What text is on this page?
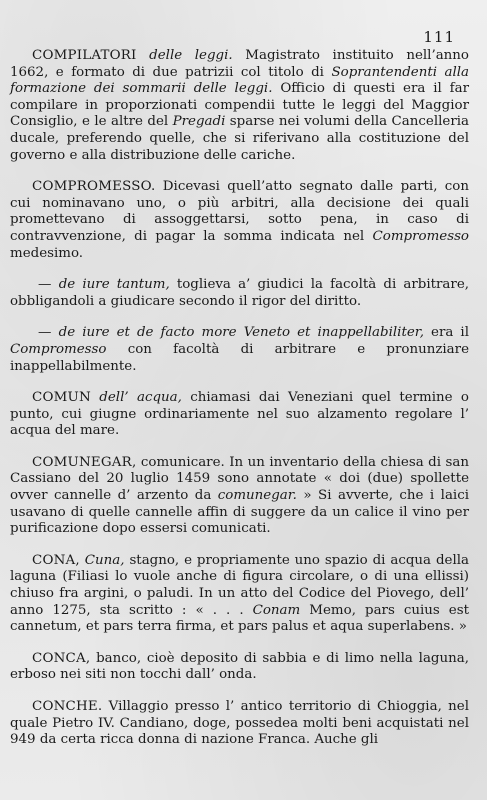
111

COMPILATORI delle leggi. Magistrato instituito nell’anno 1662, e formato di due patrizii col titolo di Soprantendenti alla formazione dei sommarii delle leggi. Officio di questi era il far compilare in proporzionati compendii tutte le leggi del Maggior Consiglio, e le altre del Pregadi sparse nei volumi della Cancelleria ducale, preferendo quelle, che si riferivano alla costituzione del governo e alla distribuzione delle cariche.

COMPROMESSO. Dicevasi quell’atto segnato dalle parti, con cui nominavano uno, o più arbitri, alla decisione dei quali promettevano di assoggettarsi, sotto pena, in caso di contravvenzione, di pagar la somma indicata nel Compromesso medesimo.

— de iure tantum, toglieva a’ giudici la facoltà di arbitrare, obbligandoli a giudicare secondo il rigor del diritto.

— de iure et de facto more Veneto et inappellabiliter, era il Compromesso con facoltà di arbitrare e pronunziare inappellabilmente.

COMUN dell’ acqua, chiamasi dai Veneziani quel termine o punto, cui giugne ordinariamente nel suo alzamento regolare l’ acqua del mare.

COMUNEGAR, comunicare. In un inventario della chiesa di san Cassiano del 20 luglio 1459 sono annotate « doi (due) spollette ovver cannelle d’ arzento da comunegar. » Si avverte, che i laici usavano di quelle cannelle affin di suggere da un calice il vino per purificazione dopo essersi comunicati.

CONA, Cuna, stagno, e propriamente uno spazio di acqua della laguna (Filiasi lo vuole anche di figura circolare, o di una ellissi) chiuso fra argini, o paludi. In un atto del Codice del Piovego, dell’ anno 1275, sta scritto : « . . . Conam Memo, pars cuius est cannetum, et pars terra firma, et pars palus et aqua superlabens. »

CONCA, banco, cioè deposito di sabbia e di limo nella laguna, erboso nei siti non tocchi dall’ onda.

CONCHE. Villaggio presso l’ antico territorio di Chioggia, nel quale Pietro IV. Candiano, doge, possedea molti beni acquistati nel 949 da certa ricca donna di nazione Franca. Auche gli
